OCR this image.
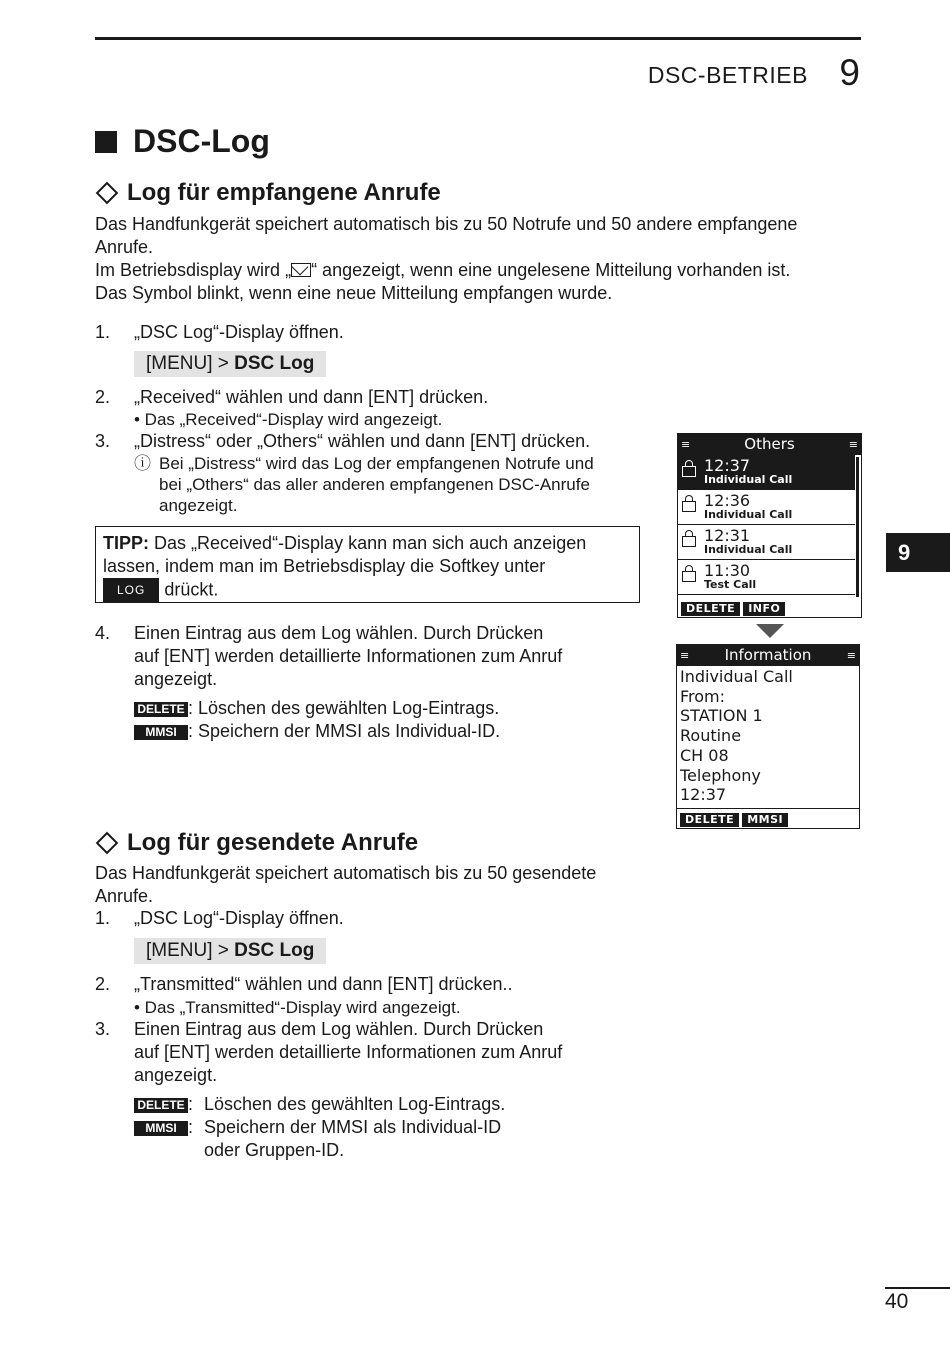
DSC-BETRIEB 9
DSC-Log
Log für empfangene Anrufe
Das Handfunkgerät speichert automatisch bis zu 50 Notrufe und 50 andere empfangene
Anrufe.
Im Betriebsdisplay wird „ “ angezeigt, wenn eine ungelesene Mitteilung vorhanden ist.
Das Symbol blinkt, wenn eine neue Mitteilung empfangen wurde.
1. „DSC Log“-Display öffnen.
[MENU] > DSC Log
2. „Received“ wählen und dann [ENT] drücken.
• Das „Received“-Display wird angezeigt.
3. „Distress“ oder „Others“ wählen und dann [ENT] drücken.
ⓘ Bei „Distress“ wird das Log der empfangenen Notrufe und
bei „Others“ das aller anderen empfangenen DSC-Anrufe
angezeigt.
TIPP: Das „Received“-Display kann man sich auch anzeigen
lassen, indem man im Betriebsdisplay die Softkey unter
LOG drückt.
4. Einen Eintrag aus dem Log wählen. Durch Drücken
auf [ENT] werden detaillierte Informationen zum Anruf
angezeigt.
DELETE : Löschen des gewählten Log-Eintrags.
MMSI : Speichern der MMSI als Individual-ID.
≡	Others	≡
12:37
Individual Call
12:36
Individual Call
12:31
Individual Call
11:30
Test Call
DELETE	INFO
≡ Information	≡
Individual Call
From:
STATION 1
Routine
CH 08
Telephony
12:37
DELETE	MMSI
Log für gesendete Anrufe
Das Handfunkgerät speichert automatisch bis zu 50 gesendete
Anrufe.
1. „DSC Log“-Display öffnen.
[MENU] > DSC Log
2. „Transmitted“ wählen und dann [ENT] drücken..
• Das „Transmitted“-Display wird angezeigt.
3. Einen Eintrag aus dem Log wählen. Durch Drücken
auf [ENT] werden detaillierte Informationen zum Anruf
angezeigt.
DELETE : Löschen des gewählten Log-Eintrags.
MMSI : Speichern der MMSI als Individual-ID
oder Gruppen-ID.
9
40
